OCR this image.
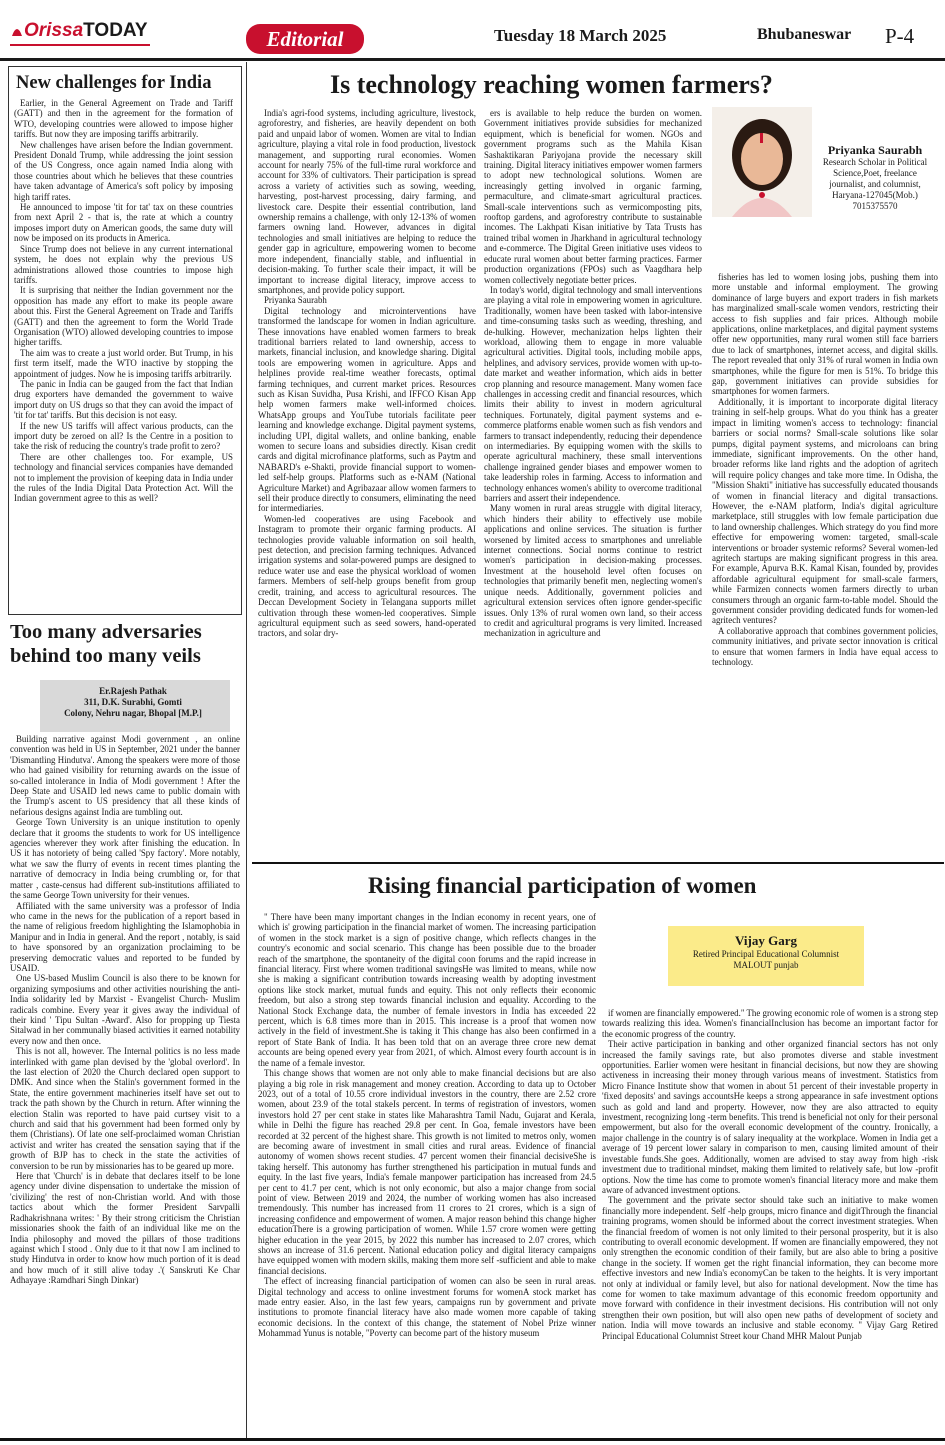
OrissaTODAY	Editorial	Tuesday 18 March 2025	Bhubaneswar P-4
New challenges for India

Earlier, in the General Agreement on Trade and Tariff (GATT) and then in the agreement for the formation of WTO, developing countries were allowed to impose higher tariffs. But now they are imposing tariffs arbitrarily.

New challenges have arisen before the Indian government. President Donald Trump, while addressing the joint session of the US Congress, once again named India along with those countries about which he believes that these countries have taken advantage of America's soft policy by imposing high tariff rates.

He announced to impose 'tit for tat' tax on these countries from next April 2 - that is, the rate at which a country imposes import duty on American goods, the same duty will now be imposed on its products in America.

Since Trump does not believe in any current international system, he does not explain why the previous US administrations allowed those countries to impose high tariffs.

It is surprising that neither the Indian government nor the opposition has made any effort to make its people aware about this. First the General Agreement on Trade and Tariffs (GATT) and then the agreement to form the World Trade Organisation (WTO) allowed developing countries to impose higher tariffs.

The aim was to create a just world order. But Trump, in his first term itself, made the WTO inactive by stopping the appointment of judges. Now he is imposing tariffs arbitrarily.

The panic in India can be gauged from the fact that Indian drug exporters have demanded the government to waive import duty on US drugs so that they can avoid the impact of 'tit for tat' tariffs. But this decision is not easy.

If the new US tariffs will affect various products, can the import duty be zeroed on all? Is the Centre in a position to take the risk of reducing the country's trade profit to zero?

There are other challenges too. For example, US technology and financial services companies have demanded not to implement the provision of keeping data in India under the rules of the India Digital Data Protection Act. Will the Indian government agree to this as well?

Too many adversaries behind too many veils
Er.Rajesh Pathak
311, D.K. Surabhi, Gomti
Colony, Nehru nagar, Bhopal [M.P.]

Building narrative against Modi government , an online convention was held in US in September, 2021 under the banner 'Dismantling Hindutva'. Among the speakers were more of those who had gained visibility for returning awards on the issue of so-called intolerance in India of Modi government ! After the Deep State and USAID led news came to public domain with the Trump's ascent to US presidency that all these kinds of nefarious designs against India are tumbling out.

George Town University is an unique institution to openly declare that it grooms the students to work for US intelligence agencies wherever they work after finishing the education. In US it has notoriety of being called 'Spy factory'. More notably, what we saw the flurry of events in recent times planting the narrative of democracy in India being crumbling or, for that matter , caste-census had different sub-institutions affiliated to the same George Town university for their venues.

Affiliated with the same university was a professor of India who came in the news for the publication of a report based in the name of religious freedom highlighting the Islamophobia in Manipur and in India in general. And the report , notably, is said to have sponsored by an organization proclaiming to be preserving democratic values and reported to be funded by USAID.

One US-based Muslim Council is also there to be known for organizing symposiums and other activities nourishing the anti-India solidarity led by Marxist - Evangelist Church- Muslim radicals combine. Every year it gives away the individual of their kind ' Tipu Sultan -Award'. Also for propping up Tiesta Sitalwad in her communally biased activities it earned notability every now and then once.

This is not all, however. The Internal politics is no less made interlinked with game plan devised by the 'global overlord'. In the last election of 2020 the Church declared open support to DMK. And since when the Stalin's government formed in the State, the entire government machineries itself have set out to track the path shown by the Church in return. After winning the election Stalin was reported to have paid curtsey visit to a church and said that his government had been formed only by them (Christians). Of late one self-proclaimed woman Christian activist and writer has created the sensation saying that if the growth of BJP has to check in the state the activities of conversion to be run by missionaries has to be geared up more.

Here that 'Church' is in debate that declares itself to be lone agency under divine dispensation to undertake the mission of 'civilizing' the rest of non-Christian world. And with those tactics about which the former President Sarvpalli Radhakrishnana writes: ' By their strong criticism the Christian missionaries shook the faith of an individual like me on the India philosophy and moved the pillars of those traditions against which I stood . Only due to it that now I am inclined to study Hindutva in order to know how much portion of it is dead and how much of it still alive today .'( Sanskruti Ke Char Adhayaye :Ramdhari Singh Dinkar)

Is technology reaching women farmers?

India's agri-food systems, including agriculture, livestock, agroforestry, and fisheries, are heavily dependent on both paid and unpaid labor of women. Women are vital to Indian agriculture, playing a vital role in food production, livestock management, and supporting rural economies. Women account for nearly 75% of the full-time rural workforce and account for 33% of cultivators. Their participation is spread across a variety of activities such as sowing, weeding, harvesting, post-harvest processing, dairy farming, and livestock care. Despite their essential contribution, land ownership remains a challenge, with only 12-13% of women farmers owning land. However, advances in digital technologies and small initiatives are helping to reduce the gender gap in agriculture, empowering women to become more independent, financially stable, and influential in decision-making. To further scale their impact, it will be important to increase digital literacy, improve access to smartphones, and provide policy support.

Priyanka Saurabh

Digital technology and microinterventions have transformed the landscape for women in Indian agriculture. These innovations have enabled women farmers to break traditional barriers related to land ownership, access to markets, financial inclusion, and knowledge sharing. Digital tools are empowering women in agriculture. Apps and helplines provide real-time weather forecasts, optimal farming techniques, and current market prices. Resources such as Kisan Suvidha, Pusa Krishi, and IFFCO Kisan App help women farmers make well-informed choices. WhatsApp groups and YouTube tutorials facilitate peer learning and knowledge exchange. Digital payment systems, including UPI, digital wallets, and online banking, enable women to secure loans and subsidies directly. Kisan credit cards and digital microfinance platforms, such as Paytm and NABARD's e-Shakti, provide financial support to women-led self-help groups. Platforms such as e-NAM (National Agriculture Market) and Agribazaar allow women farmers to sell their produce directly to consumers, eliminating the need for intermediaries.

Women-led cooperatives are using Facebook and Instagram to promote their organic farming products. AI technologies provide valuable information on soil health, pest detection, and precision farming techniques. Advanced irrigation systems and solar-powered pumps are designed to reduce water use and ease the physical workload of women farmers. Members of self-help groups benefit from group credit, training, and access to agricultural resources. The Deccan Development Society in Telangana supports millet cultivation through these women-led cooperatives. Simple agricultural equipment such as seed sowers, hand-operated tractors, and solar dry-

ers is available to help reduce the burden on women. Government initiatives provide subsidies for mechanized equipment, which is beneficial for women. NGOs and government programs such as the Mahila Kisan Sashaktikaran Pariyojana provide the necessary skill training. Digital literacy initiatives empower women farmers to adopt new technological solutions. Women are increasingly getting involved in organic farming, permaculture, and climate-smart agricultural practices. Small-scale interventions such as vermicomposting pits, rooftop gardens, and agroforestry contribute to sustainable incomes. The Lakhpati Kisan initiative by Tata Trusts has trained tribal women in Jharkhand in agricultural technology and e-commerce. The Digital Green initiative uses videos to educate rural women about better farming practices. Farmer production organizations (FPOs) such as Vaagdhara help women collectively negotiate better prices.

In today's world, digital technology and small interventions are playing a vital role in empowering women in agriculture. Traditionally, women have been tasked with labor-intensive and time-consuming tasks such as weeding, threshing, and de-hulking. However, mechanization helps lighten their workload, allowing them to engage in more valuable agricultural activities. Digital tools, including mobile apps, helplines, and advisory services, provide women with up-to-date market and weather information, which aids in better crop planning and resource management. Many women face challenges in accessing credit and financial resources, which limits their ability to invest in modern agricultural techniques. Fortunately, digital payment systems and e-commerce platforms enable women such as fish vendors and farmers to transact independently, reducing their dependence on intermediaries. By equipping women with the skills to operate agricultural machinery, these small interventions challenge ingrained gender biases and empower women to take leadership roles in farming. Access to information and technology enhances women's ability to overcome traditional barriers and assert their independence.

Many women in rural areas struggle with digital literacy, which hinders their ability to effectively use mobile applications and online services. The situation is further worsened by limited access to smartphones and unreliable internet connections. Social norms continue to restrict women's participation in decision-making processes. Investment at the household level often focuses on technologies that primarily benefit men, neglecting women's unique needs. Additionally, government policies and agricultural extension services often ignore gender-specific issues. Only 13% of rural women own land, so their access to credit and agricultural programs is very limited. Increased mechanization in agriculture and

Priyanka Saurabh
Research Scholar in Political
Science,Poet, freelance
journalist, and columnist,
Haryana-127045(Mob.)
7015375570

fisheries has led to women losing jobs, pushing them into more unstable and informal employment. The growing dominance of large buyers and export traders in fish markets has marginalized small-scale women vendors, restricting their access to fish supplies and fair prices. Although mobile applications, online marketplaces, and digital payment systems offer new opportunities, many rural women still face barriers due to lack of smartphones, internet access, and digital skills. The report revealed that only 31% of rural women in India own smartphones, while the figure for men is 51%. To bridge this gap, government initiatives can provide subsidies for smartphones for women farmers.

Additionally, it is important to incorporate digital literacy training in self-help groups. What do you think has a greater impact in limiting women's access to technology: financial barriers or social norms? Small-scale solutions like solar pumps, digital payment systems, and microloans can bring immediate, significant improvements. On the other hand, broader reforms like land rights and the adoption of agritech will require policy changes and take more time. In Odisha, the "Mission Shakti" initiative has successfully educated thousands of women in financial literacy and digital transactions. However, the e-NAM platform, India's digital agriculture marketplace, still struggles with low female participation due to land ownership challenges. Which strategy do you find more effective for empowering women: targeted, small-scale interventions or broader systemic reforms? Several women-led agritech startups are making significant progress in this area. For example, Apurva B.K. Kamal Kisan, founded by, provides affordable agricultural equipment for small-scale farmers, while Farmizen connects women farmers directly to urban consumers through an organic farm-to-table model. Should the government consider providing dedicated funds for women-led agritech ventures?

A collaborative approach that combines government policies, community initiatives, and private sector innovation is critical to ensure that women farmers in India have equal access to technology.

Rising financial participation of women

" There have been many important changes in the Indian economy in recent years, one of which is' growing participation in the financial market of women. The increasing participation of women in the stock market is a sign of positive change, which reflects changes in the country's economic and social scenario. This change has been possible due to the broader reach of the smartphone, the spontaneity of the digital coon forums and the rapid increase in financial literacy. First where women traditional savingsHe was limited to means, while now she is making a significant contribution towards increasing wealth by adopting investment options like stock market, mutual funds and equity. This not only reflects their economic freedom, but also a strong step towards financial inclusion and equality. According to the National Stock Exchange data, the number of female investors in India has exceeded 22 percent, which is 6.8 times more than in 2015. This increase is a proof that women now actively in the field of investment.She is taking it This change has also been confirmed in a report of State Bank of India. It has been told that on an average three crore new demat accounts are being opened every year from 2021, of which. Almost every fourth account is in the name of a female investor.

This change shows that women are not only able to make financial decisions but are also playing a big role in risk management and money creation. According to data up to October 2023, out of a total of 10.55 crore individual investors in the country, there are 2.52 crore women, about 23.9 of the total stakeIs percent. In terms of registration of investors, women investors hold 27 per cent stake in states like Maharashtra Tamil Nadu, Gujarat and Kerala, while in Delhi the figure has reached 29.8 per cent. In Goa, female investors have been recorded at 32 percent of the highest share. This growth is not limited to metros only, women are becoming aware of investment in small cities and rural areas. Evidence of financial autonomy of women shows recent studies. 47 percent women their financial decisiveShe is taking herself. This autonomy has further strengthened his participation in mutual funds and equity. In the last five years, India's female manpower participation has increased from 24.5 per cent to 41.7 per cent, which is not only economic, but also a major change from social point of view. Between 2019 and 2024, the number of working women has also increased tremendously. This number has increased from 11 crores to 21 crores, which is a sign of increasing confidence and empowerment of women. A major reason behind this change higher educationThere is a growing participation of women. While 1.57 crore women were getting higher education in the year 2015, by 2022 this number has increased to 2.07 crores, which shows an increase of 31.6 percent. National education policy and digital literacy campaigns have equipped women with modern skills, making them more self -sufficient and able to make financial decisions.

The effect of increasing financial participation of women can also be seen in rural areas. Digital technology and access to online investment forums for womenA stock market has made entry easier. Also, in the last few years, campaigns run by government and private institutions to promote financial literacy have also made women more capable of taking economic decisions. In the context of this change, the statement of Nobel Prize winner Mohammad Yunus is notable, "Poverty can become part of the history museum

Vijay Garg
Retired Principal Educational Columnist
MALOUT punjab

if women are financially empowered." The growing economic role of women is a strong step towards realizing this idea. Women's financialInclusion has become an important factor for the economic progress of the country.

Their active participation in banking and other organized financial sectors has not only increased the family savings rate, but also promotes diverse and stable investment opportunities. Earlier women were hesitant in financial decisions, but now they are showing activeness in increasing their money through various means of investment. Statistics from Micro Finance Institute show that women in about 51 percent of their investable property in 'fixed deposits' and savings accountsHe keeps a strong appearance in safe investment options such as gold and land and property. However, now they are also attracted to equity investment, recognizing long -term benefits. This trend is beneficial not only for their personal empowerment, but also for the overall economic development of the country. Ironically, a major challenge in the country is of salary inequality at the workplace. Women in India get a average of 19 percent lower salary in comparison to men, causing limited amount of their investable funds.She goes. Additionally, women are advised to stay away from high -risk investment due to traditional mindset, making them limited to relatively safe, but low -profit options. Now the time has come to promote women's financial literacy more and make them aware of advanced investment options.

The government and the private sector should take such an initiative to make women financially more independent. Self -help groups, micro finance and digitThrough the financial training programs, women should be informed about the correct investment strategies. When the financial freedom of women is not only limited to their personal prosperity, but it is also contributing to overall economic development. If women are financially empowered, they not only strengthen the economic condition of their family, but are also able to bring a positive change in the society. If women get the right financial information, they can become more effective investors and new India's economyCan be taken to the heights. It is very important not only at individual or family level, but also for national development. Now the time has come for women to take maximum advantage of this economic freedom opportunity and move forward with confidence in their investment decisions. His contribution will not only strengthen their own position, but will also open new paths of development of society and nation. India will move towards an inclusive and stable economy. " Vijay Garg Retired Principal Educational Columnist Street kour Chand MHR Malout Punjab
